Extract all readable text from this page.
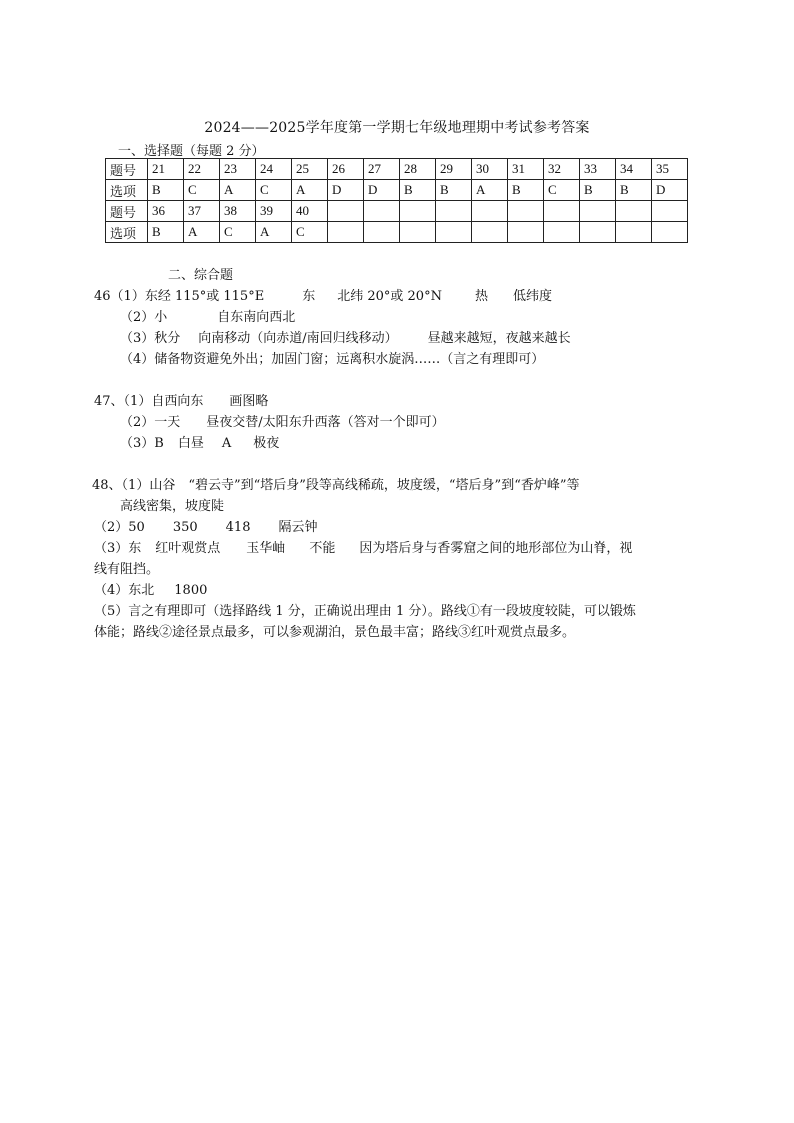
2024——2025学年度第一学期七年级地理期中考试参考答案
一、选择题（每题 2 分）
题号	21	22	23	24	25	26	27	28	29	30	31	32	33	34	35
选项	B	C	A	C	A	D	D	B	B	A	B	C	B	B	D
题号	36	37	38	39	40										
选项	B	A	C	A	C										
二、综合题
46（1）东经 115°或 115°E	东 北纬 20°或 20°N	热 低纬度
（2）小	自东南向西北
（3）秋分 向南移动（向赤道/南回归线移动） 昼越来越短，夜越来越长
（4）储备物资避免外出；加固门窗；远离积水旋涡……（言之有理即可）
47、（1）自西向东 画图略
（2）一天 昼夜交替/太阳东升西落（答对一个即可）
（3）B 白昼 A 极夜
48、（1）山谷　“碧云寺”到“塔后身”段等高线稀疏，坡度缓，“塔后身”到“香炉峰”等
高线密集，坡度陡
（2）50 350 418 隔云钟
（3）东 红叶观赏点 玉华岫 不能 因为塔后身与香雾窟之间的地形部位为山脊，视
线有阻挡。
（4）东北 1800
（5）言之有理即可（选择路线 1 分，正确说出理由 1 分）。路线①有一段坡度较陡，可以锻炼
体能；路线②途径景点最多，可以参观湖泊，景色最丰富；路线③红叶观赏点最多。
